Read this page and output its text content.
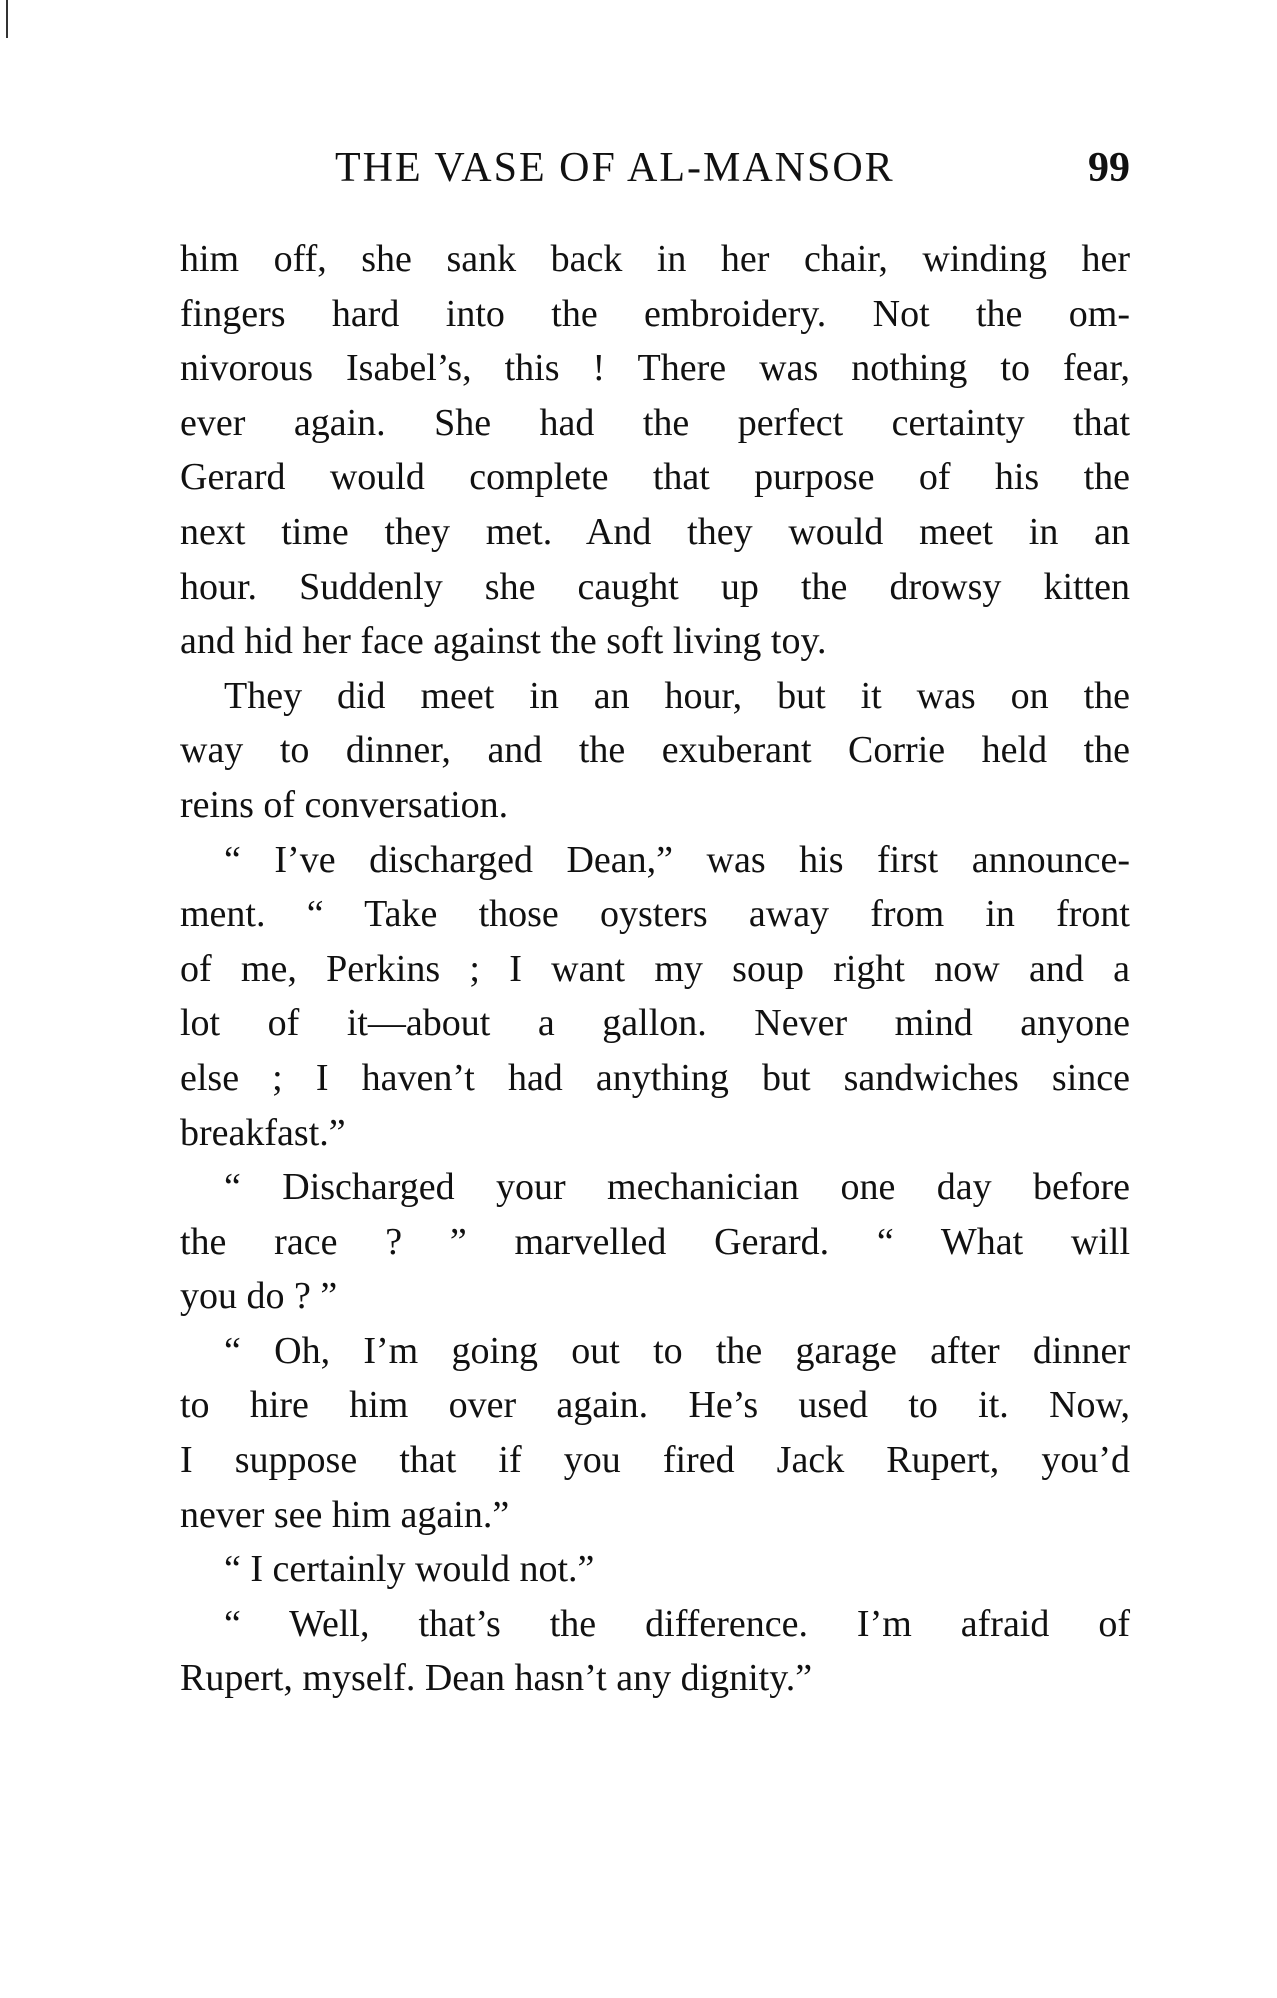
THE VASE OF AL-MANSOR	99

him off, she sank back in her chair, winding her
fingers hard into the embroidery. Not the om-
nivorous Isabel’s, this ! There was nothing to fear,
ever again. She had the perfect certainty that
Gerard would complete that purpose of his the
next time they met. And they would meet in an
hour. Suddenly she caught up the drowsy kitten
and hid her face against the soft living toy.

They did meet in an hour, but it was on the
way to dinner, and the exuberant Corrie held the
reins of conversation.

“ I’ve discharged Dean,” was his first announce-
ment. “ Take those oysters away from in front
of me, Perkins ; I want my soup right now and a
lot of it—about a gallon. Never mind anyone
else ; I haven’t had anything but sandwiches since
breakfast.”

“ Discharged your mechanician one day before
the race ? ” marvelled Gerard. “ What will
you do ? ”

“ Oh, I’m going out to the garage after dinner
to hire him over again. He’s used to it. Now,
I suppose that if you fired Jack Rupert, you’d
never see him again.”

“ I certainly would not.”

“ Well, that’s the difference. I’m afraid of
Rupert, myself. Dean hasn’t any dignity.”
